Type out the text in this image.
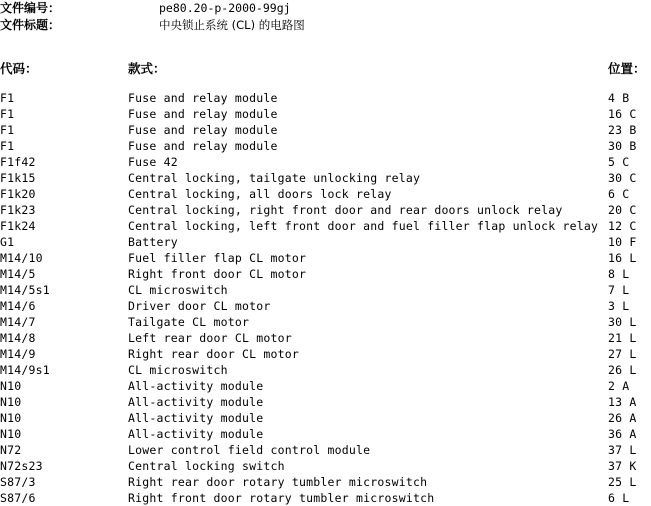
文件编号：	pe80.20-p-2000-99gj
文件标题：	中央锁止系统 (CL) 的电路图
代码：	款式：	位置：
F1	Fuse and relay module	4 B
F1	Fuse and relay module	16 C
F1	Fuse and relay module	23 B
F1	Fuse and relay module	30 B
F1f42	Fuse 42	5 C
F1k15	Central locking, tailgate unlocking relay	30 C
F1k20	Central locking, all doors lock relay	6 C
F1k23	Central locking, right front door and rear doors unlock relay	20 C
F1k24	Central locking, left front door and fuel filler flap unlock relay 12 C
G1	Battery	10 F
M14/10	Fuel filler flap CL motor	16 L
M14/5	Right front door CL motor	8 L
M14/5s1	CL microswitch	7 L
M14/6	Driver door CL motor	3 L
M14/7	Tailgate CL motor	30 L
M14/8	Left rear door CL motor	21 L
M14/9	Right rear door CL motor	27 L
M14/9s1	CL microswitch	26 L
N10	All-activity module	2 A
N10	All-activity module	13 A
N10	All-activity module	26 A
N10	All-activity module	36 A
N72	Lower control field control module	37 L
N72s23	Central locking switch	37 K
S87/3	Right rear door rotary tumbler microswitch	25 L
S87/6	Right front door rotary tumbler microswitch	6 L
